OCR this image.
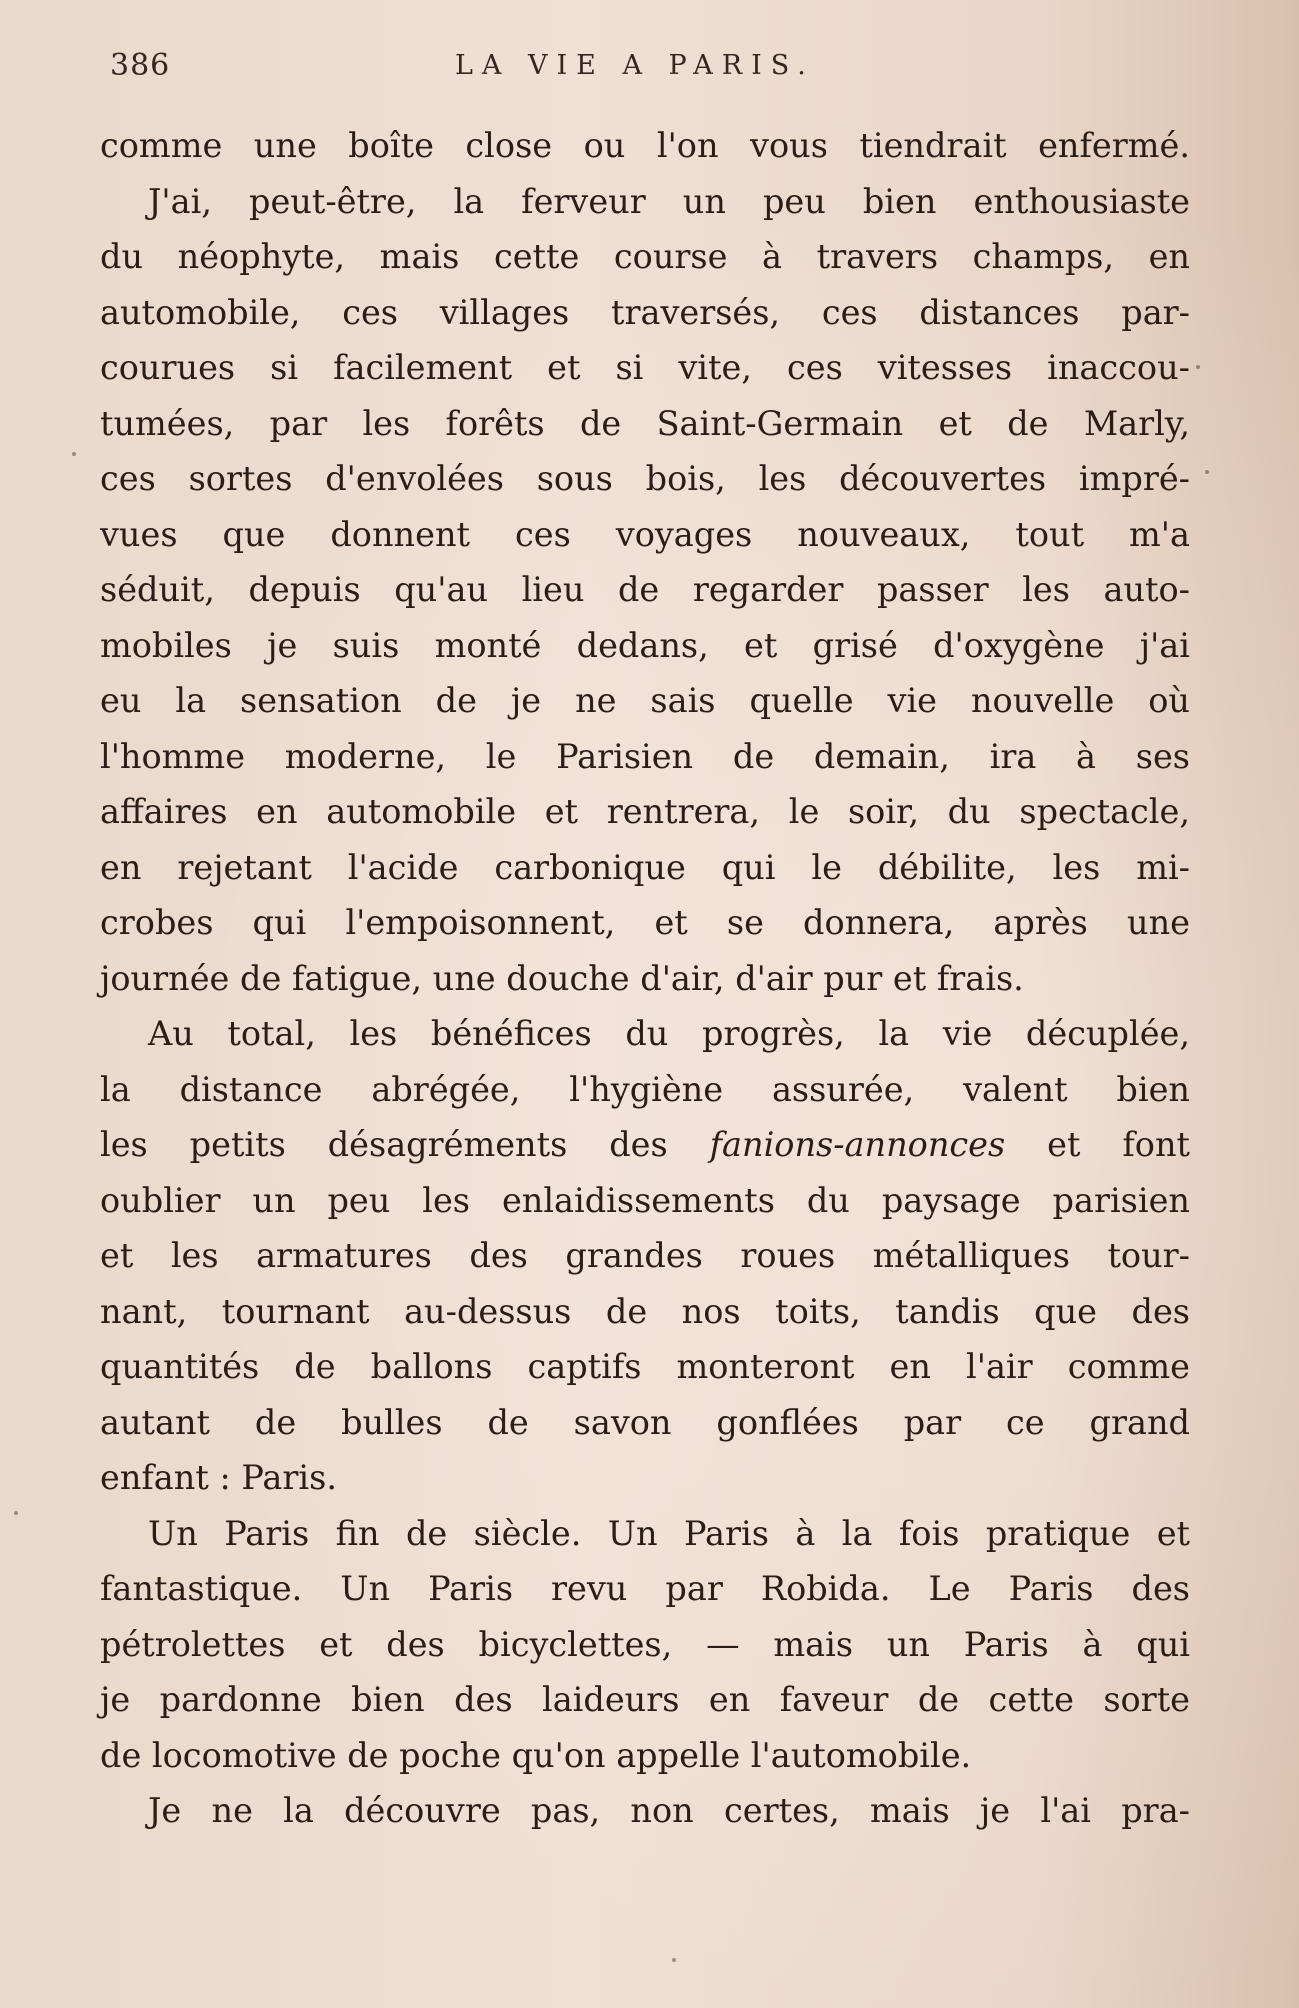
386	LA VIE A PARIS.
comme une boîte close ou l'on vous tiendrait enfermé.
J'ai, peut-être, la ferveur un peu bien enthousiaste
du néophyte, mais cette course à travers champs, en
automobile, ces villages traversés, ces distances par-
courues si facilement et si vite, ces vitesses inaccou-
tumées, par les forêts de Saint-Germain et de Marly,
ces sortes d'envolées sous bois, les découvertes impré-
vues que donnent ces voyages nouveaux, tout m'a
séduit, depuis qu'au lieu de regarder passer les auto-
mobiles je suis monté dedans, et grisé d'oxygène j'ai
eu la sensation de je ne sais quelle vie nouvelle où
l'homme moderne, le Parisien de demain, ira à ses
affaires en automobile et rentrera, le soir, du spectacle,
en rejetant l'acide carbonique qui le débilite, les mi-
crobes qui l'empoisonnent, et se donnera, après une
journée de fatigue, une douche d'air, d'air pur et frais.
Au total, les bénéfices du progrès, la vie décuplée,
la distance abrégée, l'hygiène assurée, valent bien
les petits désagréments des fanions-annonces et font
oublier un peu les enlaidissements du paysage parisien
et les armatures des grandes roues métalliques tour-
nant, tournant au-dessus de nos toits, tandis que des
quantités de ballons captifs monteront en l'air comme
autant de bulles de savon gonflées par ce grand
enfant : Paris.
Un Paris fin de siècle. Un Paris à la fois pratique et
fantastique. Un Paris revu par Robida. Le Paris des
pétrolettes et des bicyclettes, — mais un Paris à qui
je pardonne bien des laideurs en faveur de cette sorte
de locomotive de poche qu'on appelle l'automobile.
Je ne la découvre pas, non certes, mais je l'ai pra-
